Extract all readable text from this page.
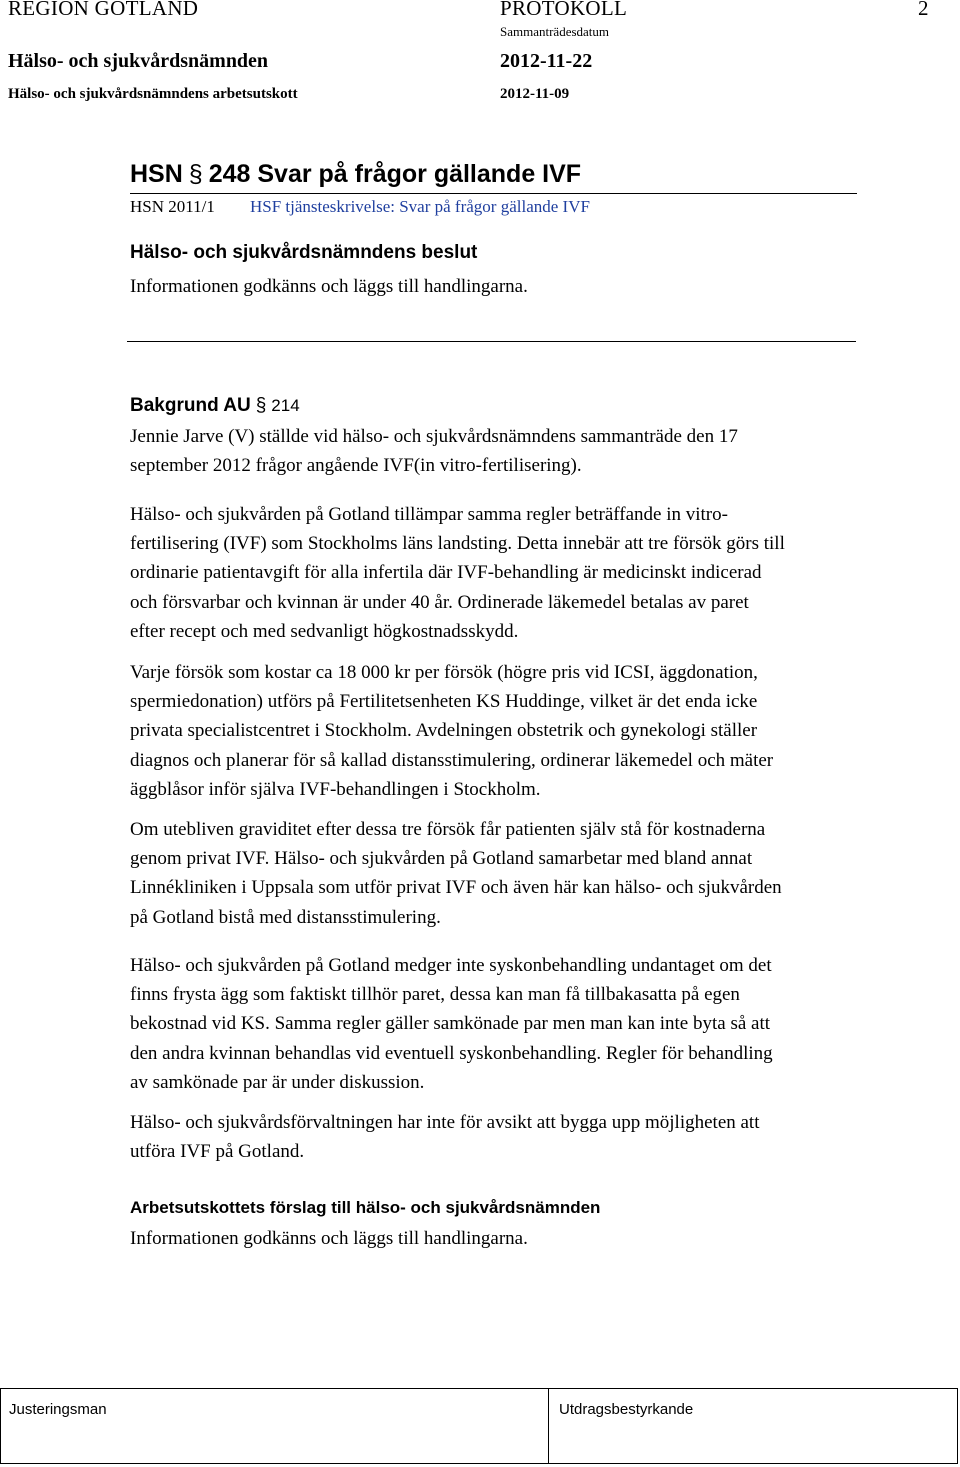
REGION GOTLAND	PROTOKOLL	2
Sammanträdesdatum
Hälso- och sjukvårdsnämnden	2012-11-22
Hälso- och sjukvårdsnämndens arbetsutskott	2012-11-09
HSN § 248 Svar på frågor gällande IVF
HSN 2011/1 HSF tjänsteskrivelse: Svar på frågor gällande IVF
Hälso- och sjukvårdsnämndens beslut
Informationen godkänns och läggs till handlingarna.
Bakgrund AU § 214
Jennie Jarve (V) ställde vid hälso- och sjukvårdsnämndens sammanträde den 17
september 2012 frågor angående IVF(in vitro-fertilisering).
Hälso- och sjukvården på Gotland tillämpar samma regler beträffande in vitro-
fertilisering (IVF) som Stockholms läns landsting. Detta innebär att tre försök görs till
ordinarie patientavgift för alla infertila där IVF-behandling är medicinskt indicerad
och försvarbar och kvinnan är under 40 år. Ordinerade läkemedel betalas av paret
efter recept och med sedvanligt högkostnadsskydd.
Varje försök som kostar ca 18 000 kr per försök (högre pris vid ICSI, äggdonation,
spermiedonation) utförs på Fertilitetsenheten KS Huddinge, vilket är det enda icke
privata specialistcentret i Stockholm. Avdelningen obstetrik och gynekologi ställer
diagnos och planerar för så kallad distansstimulering, ordinerar läkemedel och mäter
äggblåsor inför själva IVF-behandlingen i Stockholm.
Om utebliven graviditet efter dessa tre försök får patienten själv stå för kostnaderna
genom privat IVF. Hälso- och sjukvården på Gotland samarbetar med bland annat
Linnékliniken i Uppsala som utför privat IVF och även här kan hälso- och sjukvården
på Gotland bistå med distansstimulering.
Hälso- och sjukvården på Gotland medger inte syskonbehandling undantaget om det
finns frysta ägg som faktiskt tillhör paret, dessa kan man få tillbakasatta på egen
bekostnad vid KS. Samma regler gäller samkönade par men man kan inte byta så att
den andra kvinnan behandlas vid eventuell syskonbehandling. Regler för behandling
av samkönade par är under diskussion.
Hälso- och sjukvårdsförvaltningen har inte för avsikt att bygga upp möjligheten att
utföra IVF på Gotland.
Arbetsutskottets förslag till hälso- och sjukvårdsnämnden
Informationen godkänns och läggs till handlingarna.
Justeringsman	Utdragsbestyrkande
